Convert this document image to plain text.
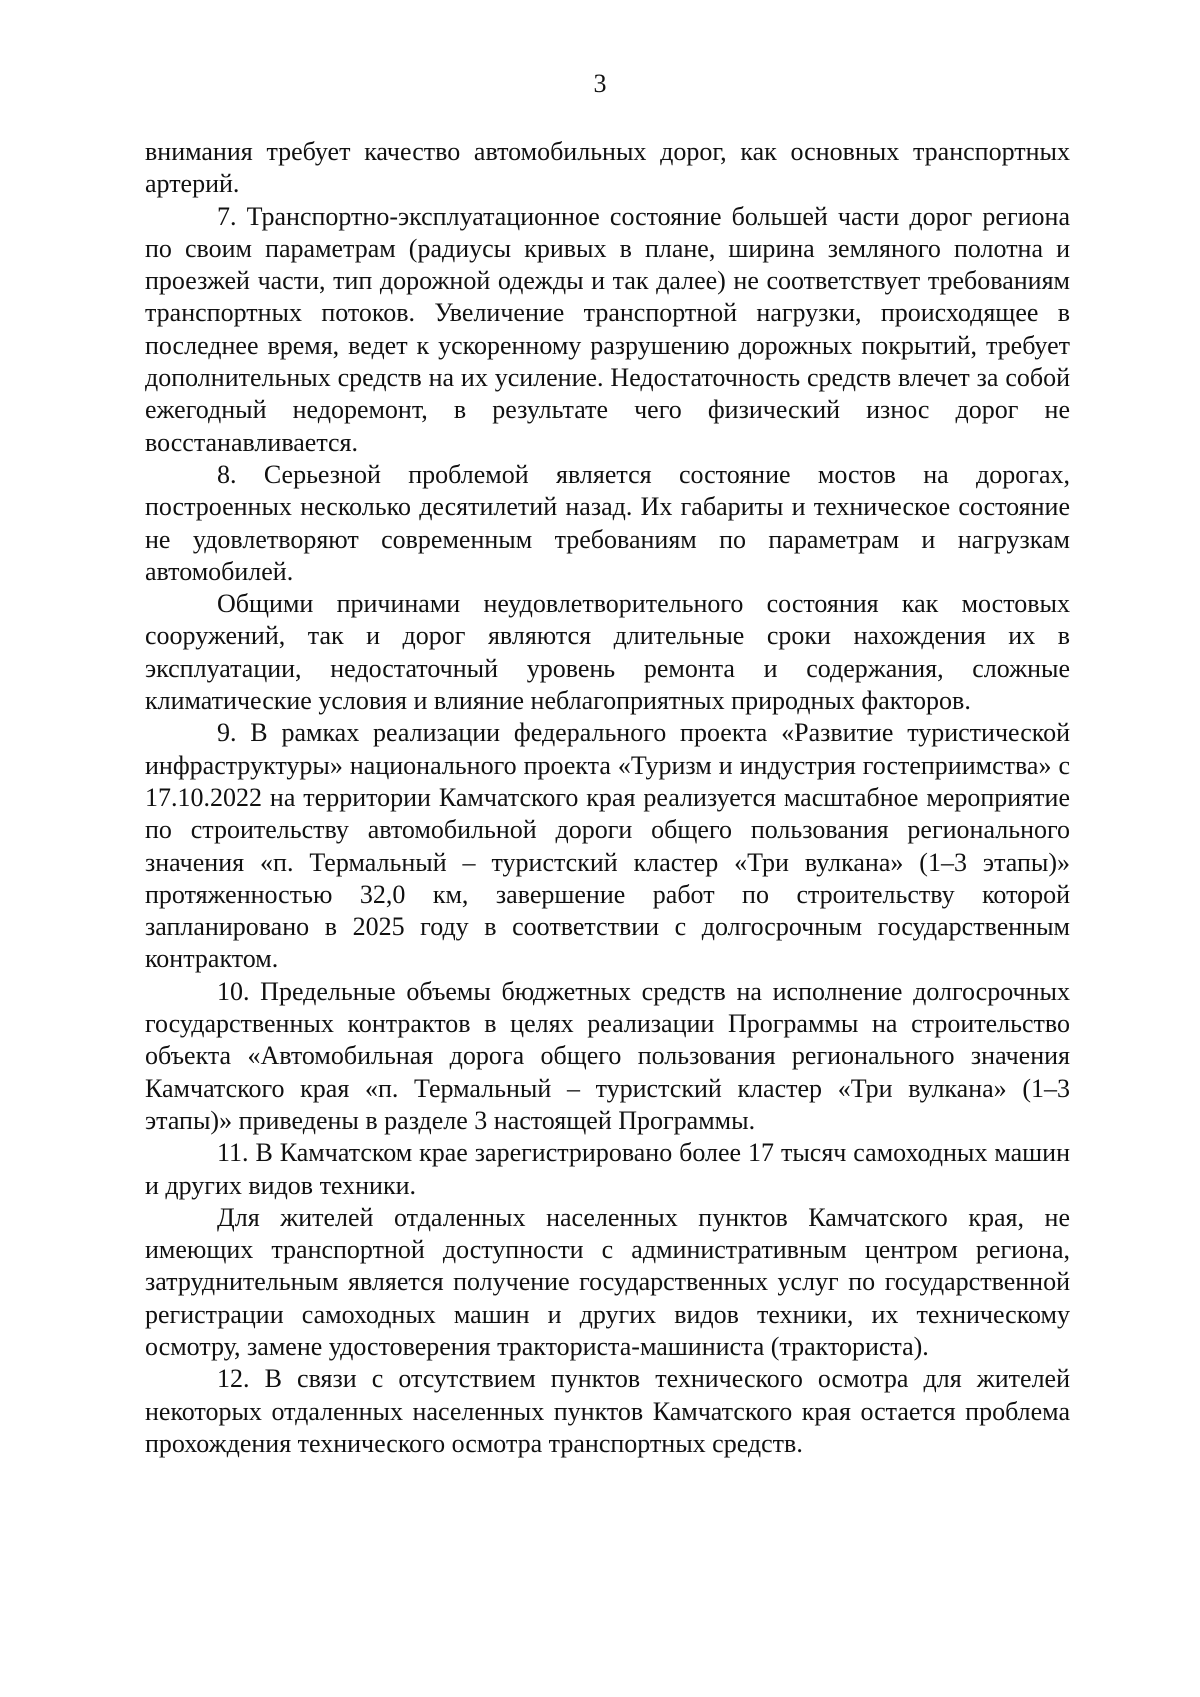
3

внимания требует качество автомобильных дорог, как основных транспортных артерий.

7. Транспортно-эксплуатационное состояние большей части дорог региона по своим параметрам (радиусы кривых в плане, ширина земляного полотна и проезжей части, тип дорожной одежды и так далее) не соответствует требованиям транспортных потоков. Увеличение транспортной нагрузки, происходящее в последнее время, ведет к ускоренному разрушению дорожных покрытий, требует дополнительных средств на их усиление. Недостаточность средств влечет за собой ежегодный недоремонт, в результате чего физический износ дорог не восстанавливается.

8. Серьезной проблемой является состояние мостов на дорогах, построенных несколько десятилетий назад. Их габариты и техническое состояние не удовлетворяют современным требованиям по параметрам и нагрузкам автомобилей.

Общими причинами неудовлетворительного состояния как мостовых сооружений, так и дорог являются длительные сроки нахождения их в эксплуатации, недостаточный уровень ремонта и содержания, сложные климатические условия и влияние неблагоприятных природных факторов.

9. В рамках реализации федерального проекта «Развитие туристической инфраструктуры» национального проекта «Туризм и индустрия гостеприимства» с 17.10.2022 на территории Камчатского края реализуется масштабное мероприятие по строительству автомобильной дороги общего пользования регионального значения «п. Термальный – туристский кластер «Три вулкана» (1–3 этапы)» протяженностью 32,0 км, завершение работ по строительству которой запланировано в 2025 году в соответствии с долгосрочным государственным контрактом.

10. Предельные объемы бюджетных средств на исполнение долгосрочных государственных контрактов в целях реализации Программы на строительство объекта «Автомобильная дорога общего пользования регионального значения Камчатского края «п. Термальный – туристский кластер «Три вулкана» (1–3 этапы)» приведены в разделе 3 настоящей Программы.

11. В Камчатском крае зарегистрировано более 17 тысяч самоходных машин и других видов техники.

Для жителей отдаленных населенных пунктов Камчатского края, не имеющих транспортной доступности с административным центром региона, затруднительным является получение государственных услуг по государственной регистрации самоходных машин и других видов техники, их техническому осмотру, замене удостоверения тракториста-машиниста (тракториста).

12. В связи с отсутствием пунктов технического осмотра для жителей некоторых отдаленных населенных пунктов Камчатского края остается проблема прохождения технического осмотра транспортных средств.
